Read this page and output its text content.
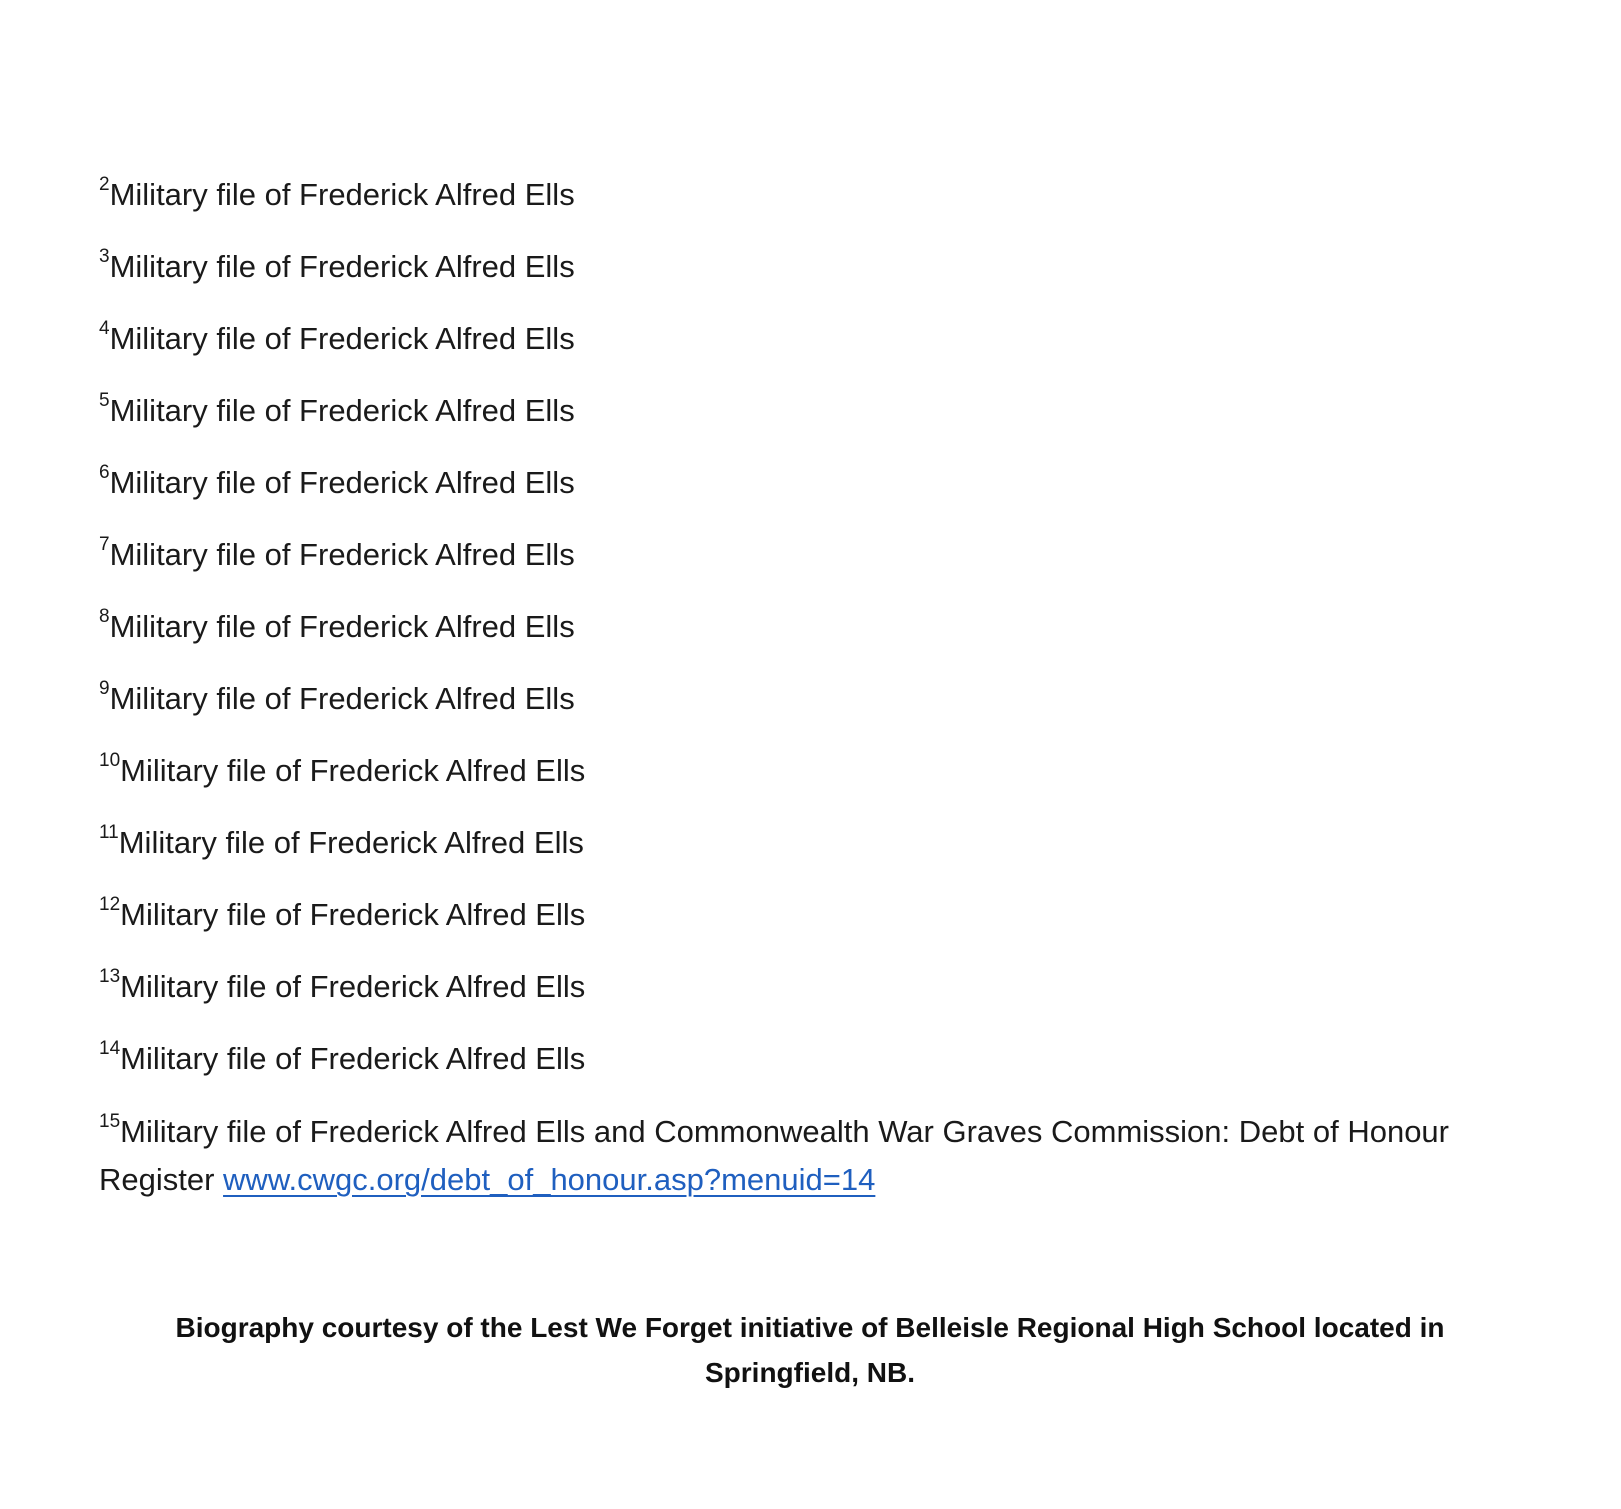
$^2$Military file of Frederick Alfred Ells

$^3$Military file of Frederick Alfred Ells

$^4$Military file of Frederick Alfred Ells

$^5$Military file of Frederick Alfred Ells

$^6$Military file of Frederick Alfred Ells

$^7$Military file of Frederick Alfred Ells

$^8$Military file of Frederick Alfred Ells

$^9$Military file of Frederick Alfred Ells

$^{10}$Military file of Frederick Alfred Ells

$^{11}$Military file of Frederick Alfred Ells

$^{12}$Military file of Frederick Alfred Ells

$^{13}$Military file of Frederick Alfred Ells

$^{14}$Military file of Frederick Alfred Ells

$^{15}$Military file of Frederick Alfred Ells and Commonwealth War Graves Commission: Debt of Honour Register www.cwgc.org/debt_of_honour.asp?menuid=14

Biography courtesy of the Lest We Forget initiative of Belleisle Regional High School located in Springfield, NB.
